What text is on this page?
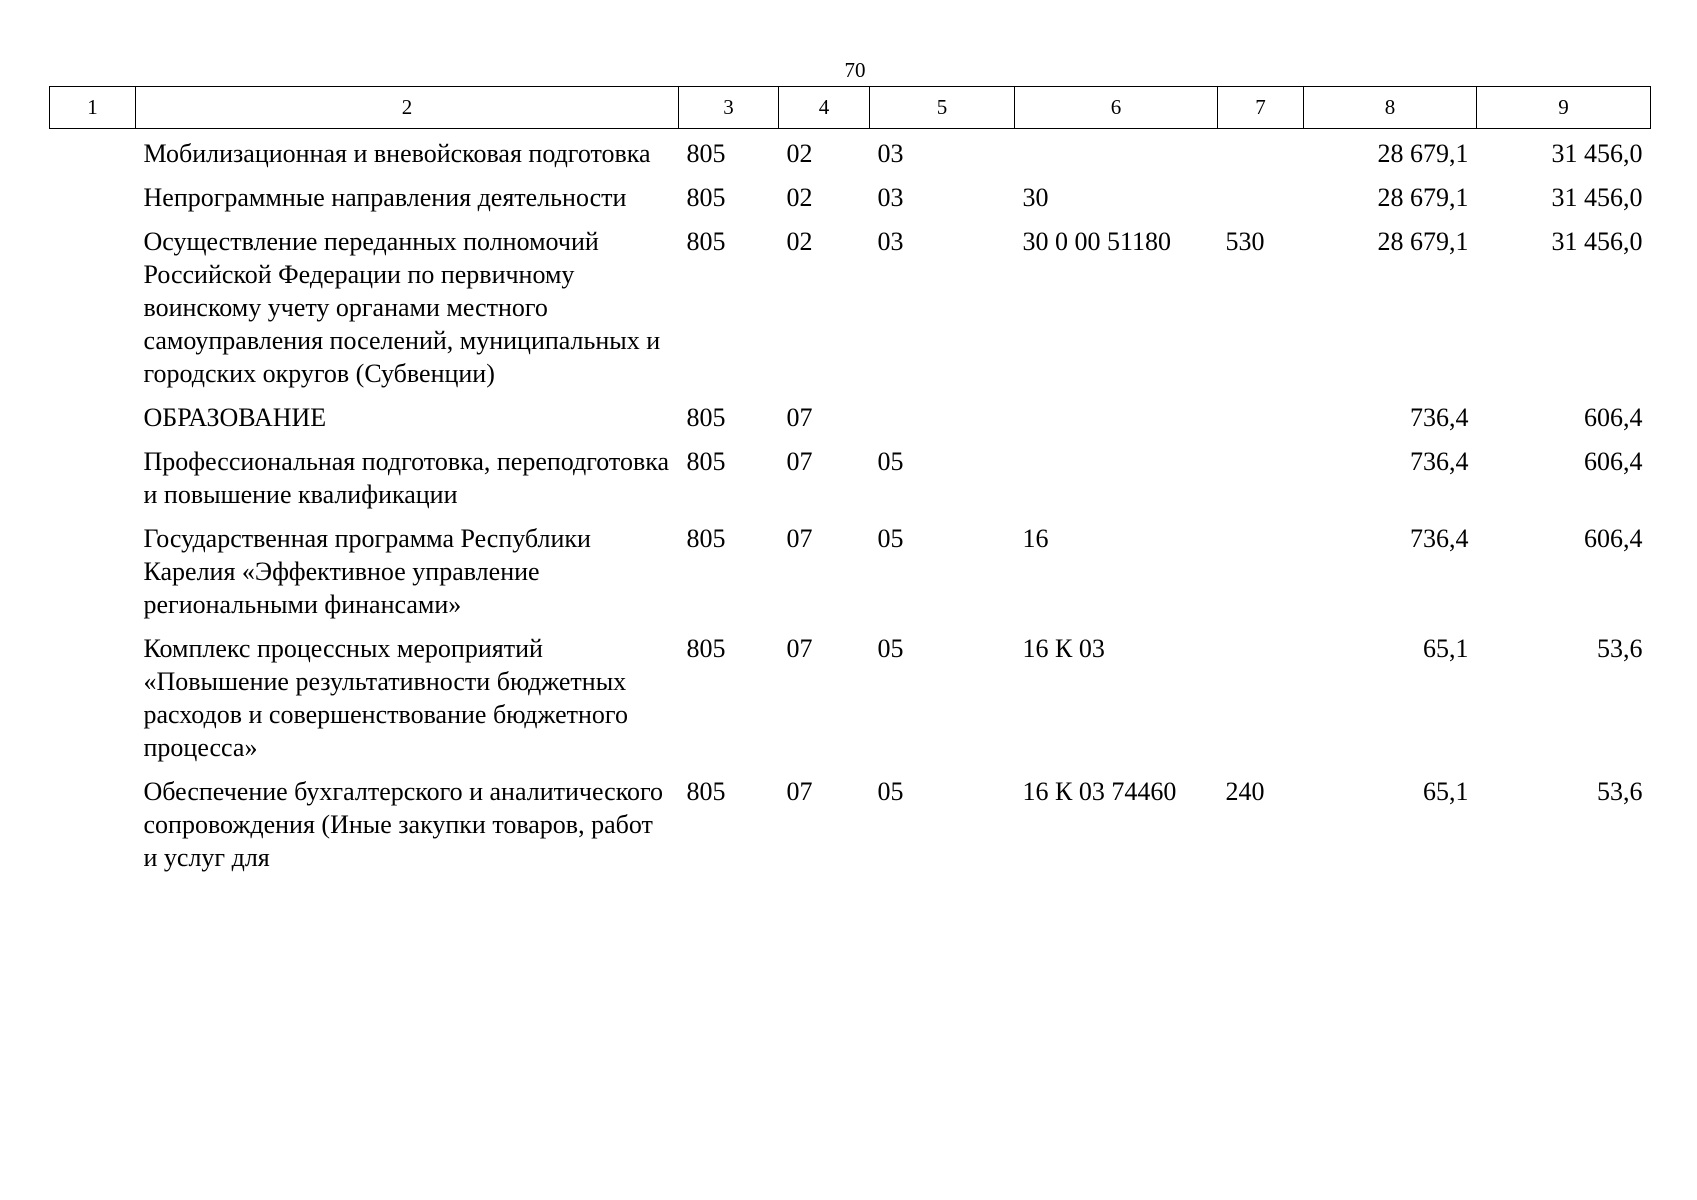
70
1	2	3	4	5	6	7	8	9
	Мобилизационная и вневойсковая подготовка	805	02	03			28 679,1	31 456,0
	Непрограммные направления деятельности	805	02	03	30		28 679,1	31 456,0
	Осуществление переданных полномочий Российской Федерации по первичному воинскому учету органами местного самоуправления поселений, муниципальных и городских округов (Субвенции)	805	02	03	30 0 00 51180	530	28 679,1	31 456,0
	ОБРАЗОВАНИЕ	805	07				736,4	606,4
	Профессиональная подготовка, переподготовка и повышение квалификации	805	07	05			736,4	606,4
	Государственная программа Республики Карелия «Эффективное управление региональными финансами»	805	07	05	16		736,4	606,4
	Комплекс процессных мероприятий «Повышение результативности бюджетных расходов и совершенствование бюджетного процесса»	805	07	05	16 К 03		65,1	53,6
	Обеспечение бухгалтерского и аналитического сопровождения (Иные закупки товаров, работ и услуг для	805	07	05	16 К 03 74460	240	65,1	53,6
